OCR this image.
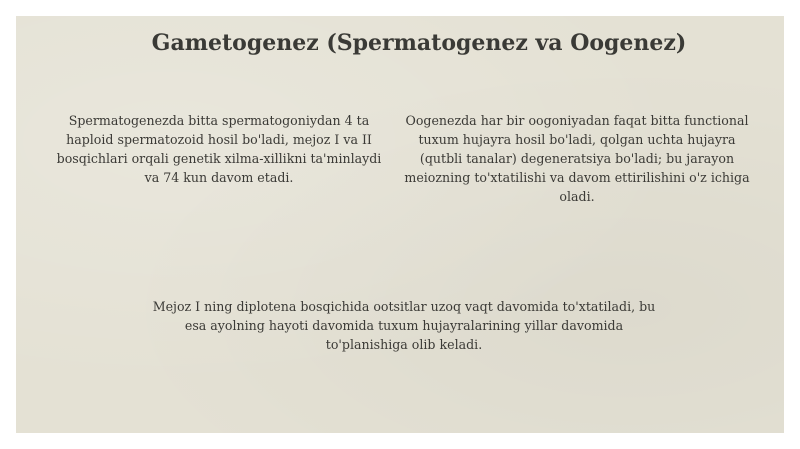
Gametogenez (Spermatogenez va Oogenez)
Spermatogenezda bitta spermatogoniydan 4 ta haploid spermatozoid hosil bo'ladi, mejoz I va II bosqichlari orqali genetik xilma-xillikni ta'minlaydi va 74 kun davom etadi.
Oogenezda har bir oogoniyadan faqat bitta functional tuxum hujayra hosil bo'ladi, qolgan uchta hujayra (qutbli tanalar) degeneratsiya bo'ladi; bu jarayon meiozning to'xtatilishi va davom ettirilishini o'z ichiga oladi.
Mejoz I ning diplotena bosqichida ootsitlar uzoq vaqt davomida to'xtatiladi, bu esa ayolning hayoti davomida tuxum hujayralarining yillar davomida to'planishiga olib keladi.
